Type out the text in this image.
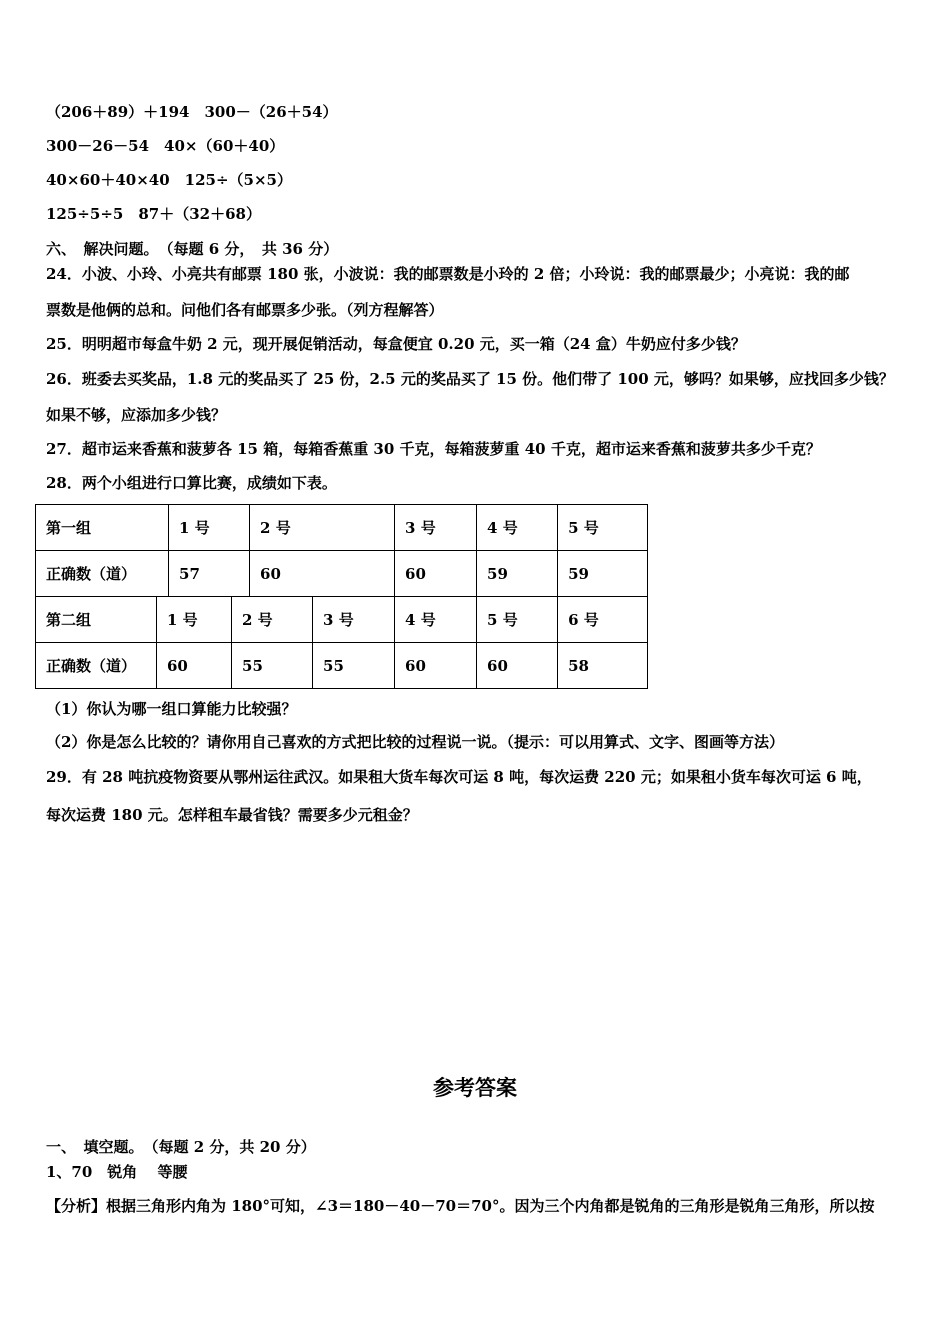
（206＋89）＋194　300－（26＋54）
300－26－54　40×（60＋40）
40×60＋40×40　125÷（5×5）
125÷5÷5　87＋（32＋68）
六、　解决问题。　（每题 6 分，　共 36 分）
24．小波、小玲、小亮共有邮票 180 张，小波说：我的邮票数是小玲的 2 倍；小玲说：我的邮票最少；小亮说：我的邮
票数是他俩的总和。问他们各有邮票多少张。（列方程解答）
25．明明超市每盒牛奶 2 元，现开展促销活动，每盒便宜 0.20 元，买一箱（24 盒）牛奶应付多少钱？
26．班委去买奖品，1.8 元的奖品买了 25 份，2.5 元的奖品买了 15 份。他们带了 100 元，够吗？如果够，应找回多少钱？
如果不够，应添加多少钱？
27．超市运来香蕉和菠萝各 15 箱，每箱香蕉重 30 千克，每箱菠萝重 40 千克，超市运来香蕉和菠萝共多少千克？
28．两个小组进行口算比赛，成绩如下表。
第一组		1 号		2 号		3 号	4 号	5 号
正确数（道）		57		60		60	59	59
第二组	1 号		2 号		3 号	4 号	5 号	6 号
正确数（道）	60		55		55	60	60	58
（1）你认为哪一组口算能力比较强？
（2）你是怎么比较的？请你用自己喜欢的方式把比较的过程说一说。（提示：可以用算式、文字、图画等方法）
29．有 28 吨抗疫物资要从鄂州运往武汉。如果租大货车每次可运 8 吨，每次运费 220 元；如果租小货车每次可运 6 吨，
每次运费 180 元。怎样租车最省钱？需要多少元租金？
参考答案
一、　填空题。　（每题 2 分，共 20 分）
1、70　锐角　 等腰
【分析】根据三角形内角为 180°可知，∠3＝180－40－70＝70°。因为三个内角都是锐角的三角形是锐角三角形，所以按
